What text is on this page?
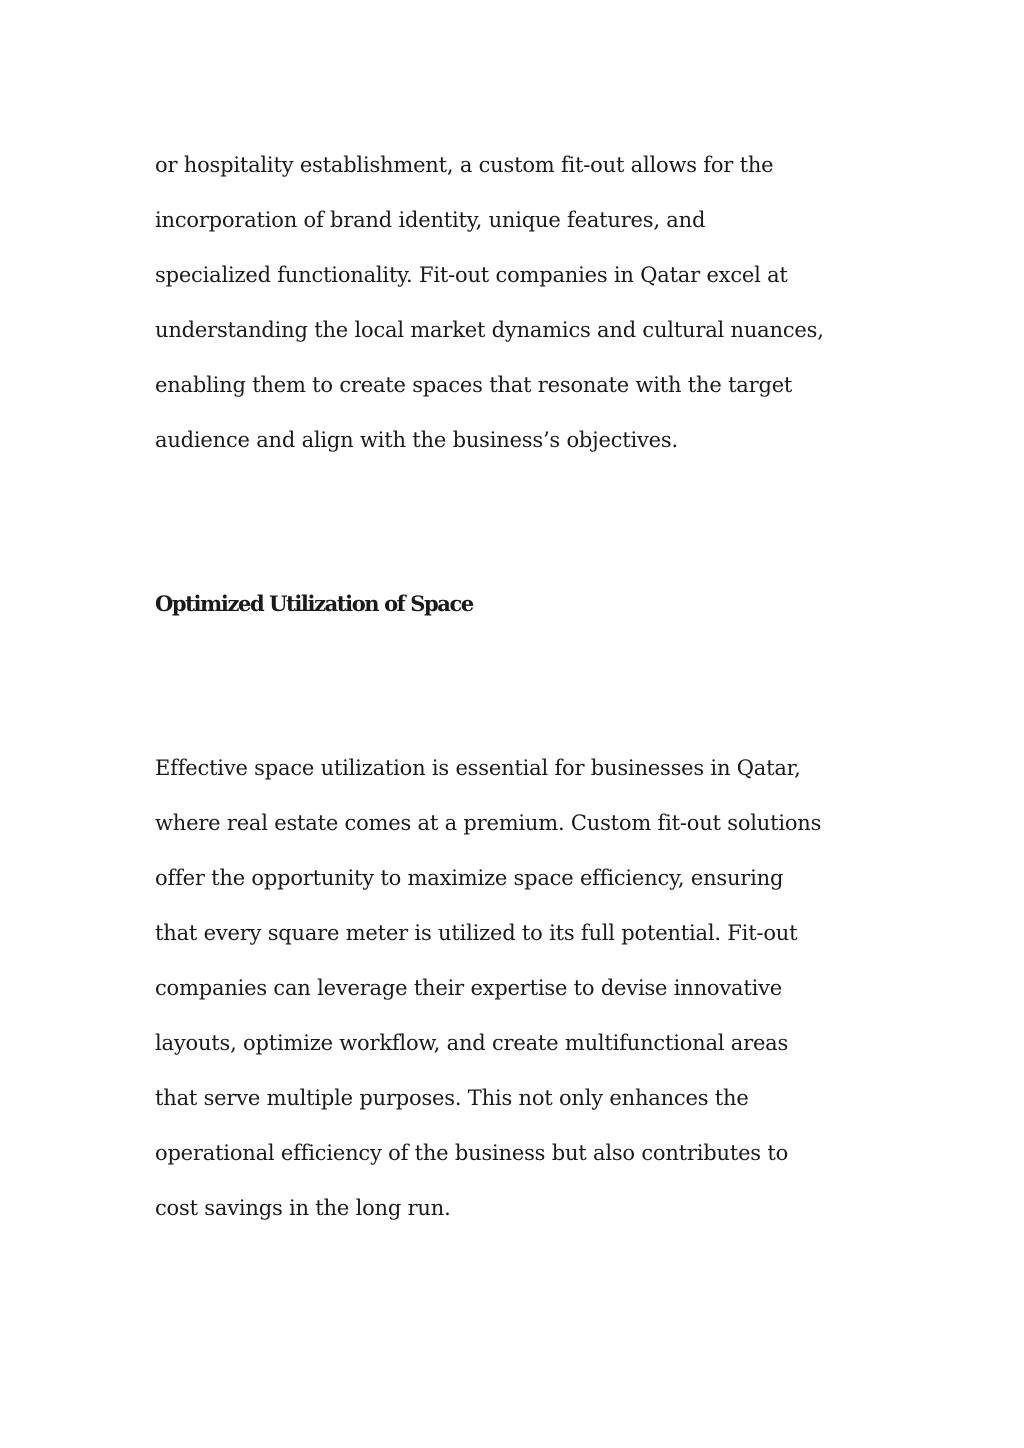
or hospitality establishment, a custom fit-out allows for the
incorporation of brand identity, unique features, and
specialized functionality. Fit-out companies in Qatar excel at
understanding the local market dynamics and cultural nuances,
enabling them to create spaces that resonate with the target
audience and align with the business’s objectives.
Optimized Utilization of Space
Effective space utilization is essential for businesses in Qatar,
where real estate comes at a premium. Custom fit-out solutions
offer the opportunity to maximize space efficiency, ensuring
that every square meter is utilized to its full potential. Fit-out
companies can leverage their expertise to devise innovative
layouts, optimize workflow, and create multifunctional areas
that serve multiple purposes. This not only enhances the
operational efficiency of the business but also contributes to
cost savings in the long run.
